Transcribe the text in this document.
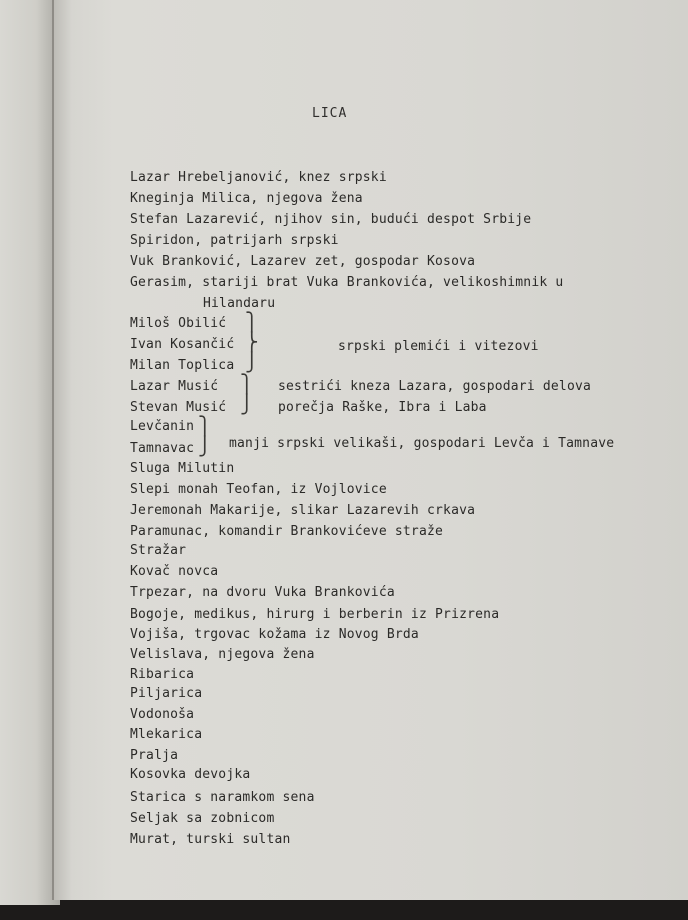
LICA
Lazar Hrebeljanović, knez srpski
Kneginja Milica, njegova žena
Stefan Lazarević, njihov sin, budući despot Srbije
Spiridon, patrijarh srpski
Vuk Branković, Lazarev zet, gospodar Kosova
Gerasim, stariji brat Vuka Brankovića, velikoshimnik u
Hilandaru
Miloš Obilić
Ivan Kosančić
Milan Toplica
srpski plemići i vitezovi
⎫
⎬
⎭
Lazar Musić
Stevan Musić
sestrići kneza Lazara, gospodari delova
porečja Raške, Ibra i Laba
⎫
⎭
Levčanin
Tamnavac	manji srpski velikaši, gospodari Levča i Tamnave
⎫
⎭
Sluga Milutin
Slepi monah Teofan, iz Vojlovice
Jeremonah Makarije, slikar Lazarevih crkava
Paramunac, komandir Brankovićeve straže
Stražar
Kovač novca
Trpezar, na dvoru Vuka Brankovića
Bogoje, medikus, hirurg i berberin iz Prizrena
Vojiša, trgovac kožama iz Novog Brda
Velislava, njegova žena
Ribarica
Piljarica
Vodonoša
Mlekarica
Pralja
Kosovka devojka
Starica s naramkom sena
Seljak sa zobnicom
Murat, turski sultan
